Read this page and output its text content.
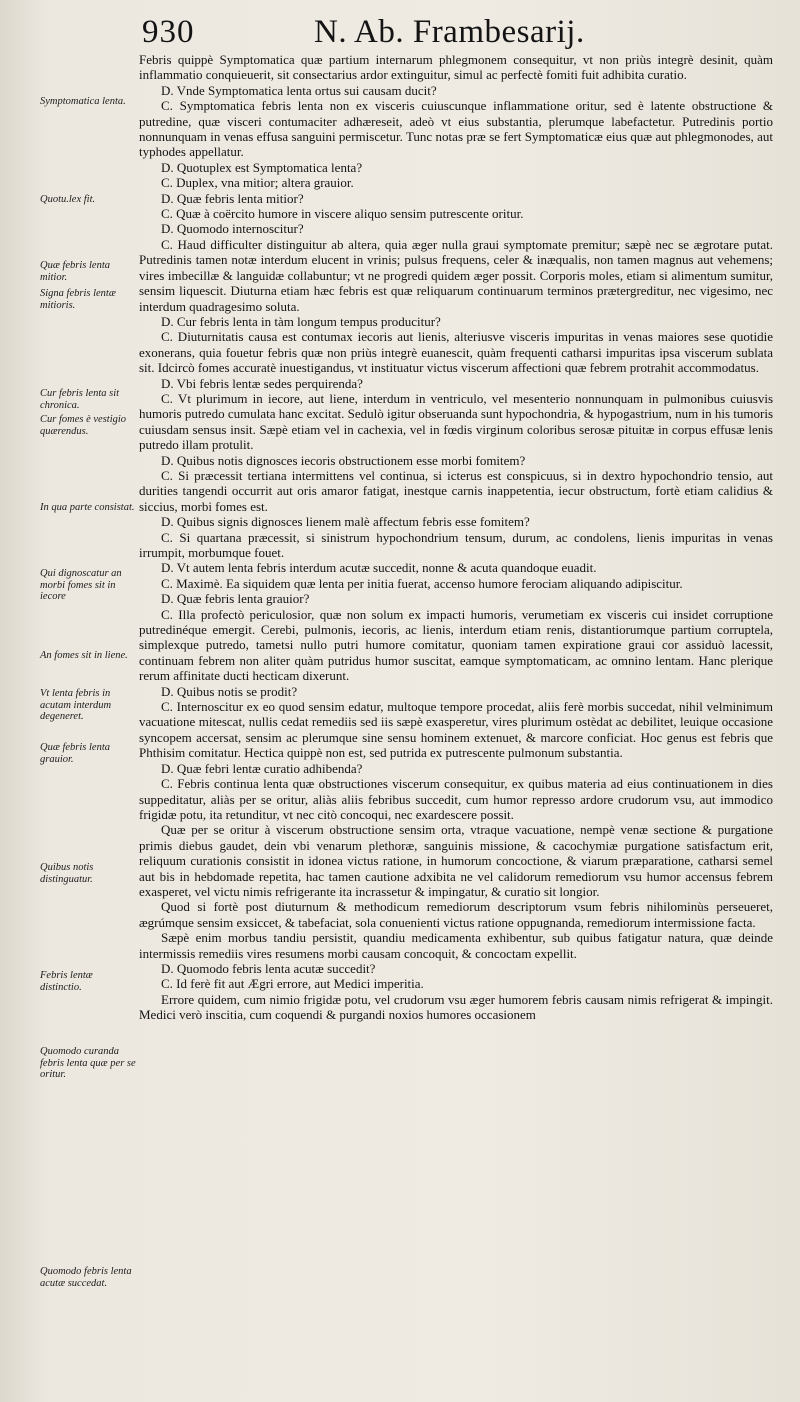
930	N. Ab. Frambesarij.
Symptomatica lenta.
Quotu.lex fit.
Quæ febris lenta mitior.
Signa febris lentæ mitioris.
Cur febris lenta sit chronica.
Cur fomes è vestigio quærendus.
In qua parte consistat.
Qui dignoscatur an morbi fomes sit in iecore
An fomes sit in liene.
Vt lenta febris in acutam interdum degeneret.
Quæ febris lenta grauior.
Quibus notis distinguatur.
Febris lentæ distinctio.
Quomodo curanda febris lenta quæ per se oritur.
Quomodo febris lenta acutæ succedat.

Febris quippè Symptomatica quæ partium internarum phlegmonem consequitur, vt non priùs integrè desinit, quàm inflammatio conquieuerit, sit consectarius ardor extinguitur, simul ac perfectè fomiti fuit adhibita curatio.

D. Vnde Symptomatica lenta ortus sui causam ducit?

C. Symptomatica febris lenta non ex visceris cuiuscunque inflammatione oritur, sed è latente obstructione & putredine, quæ visceri contumaciter adhæreseit, adeò vt eius substantia, plerumque labefactetur. Putredinis portio nonnunquam in venas effusa sanguini permiscetur. Tunc notas præ se fert Symptomaticæ eius quæ aut phlegmonodes, aut typhodes appellatur.

D. Quotuplex est Symptomatica lenta?

C. Duplex, vna mitior; altera grauior.

D. Quæ febris lenta mitior?

C. Quæ à coërcito humore in viscere aliquo sensim putrescente oritur.

D. Quomodo internoscitur?

C. Haud difficulter distinguitur ab altera, quia æger nulla graui symptomate premitur; sæpè nec se ægrotare putat. Putredinis tamen notæ interdum elucent in vrinis; pulsus frequens, celer & inæqualis, non tamen magnus aut vehemens; vires imbecillæ & languidæ collabuntur; vt ne progredi quidem æger possit. Corporis moles, etiam si alimentum sumitur, sensim liquescit. Diuturna etiam hæc febris est quæ reliquarum continuarum terminos prætergreditur, nec vigesimo, nec interdum quadragesimo soluta.

D. Cur febris lenta in tàm longum tempus producitur?

C. Diuturnitatis causa est contumax iecoris aut lienis, alteriusve visceris impuritas in venas maiores sese quotidie exonerans, quia fouetur febris quæ non priùs integrè euanescit, quàm frequenti catharsi impuritas ipsa viscerum sublata sit. Idcircò fomes accuratè inuestigandus, vt instituatur victus viscerum affectioni quæ febrem protrahit accommodatus.

D. Vbi febris lentæ sedes perquirenda?

C. Vt plurimum in iecore, aut liene, interdum in ventriculo, vel mesenterio nonnunquam in pulmonibus cuiusvis humoris putredo cumulata hanc excitat. Sedulò igitur obseruanda sunt hypochondria, & hypogastrium, num in his tumoris cuiusdam sensus insit. Sæpè etiam vel in cachexia, vel in fœdis virginum coloribus serosæ pituitæ in corpus effusæ lenis putredo illam protulit.

D. Quibus notis dignosces iecoris obstructionem esse morbi fomitem?

C. Si præcessit tertiana intermittens vel continua, si icterus est conspicuus, si in dextro hypochondrio tensio, aut durities tangendi occurrit aut oris amaror fatigat, inestque carnis inappetentia, iecur obstructum, fortè etiam calidius & siccius, morbi fomes est.

D. Quibus signis dignosces lienem malè affectum febris esse fomitem?

C. Si quartana præcessit, si sinistrum hypochondrium tensum, durum, ac condolens, lienis impuritas in venas irrumpit, morbumque fouet.

D. Vt autem lenta febris interdum acutæ succedit, nonne & acuta quandoque euadit.

C. Maximè. Ea siquidem quæ lenta per initia fuerat, accenso humore ferociam aliquando adipiscitur.

D. Quæ febris lenta grauior?

C. Illa profectò periculosior, quæ non solum ex impacti humoris, verumetiam ex visceris cui insidet corruptione putredinéque emergit. Cerebi, pulmonis, iecoris, ac lienis, interdum etiam renis, distantiorumque partium corruptela, simplexque putredo, tametsi nullo putri humore comitatur, quoniam tamen expiratione graui cor assiduò lacessit, continuam febrem non aliter quàm putridus humor suscitat, eamque symptomaticam, ac omnino lentam. Hanc plerique rerum affinitate ducti hecticam dixerunt.

D. Quibus notis se prodit?

C. Internoscitur ex eo quod sensim edatur, multoque tempore procedat, aliis ferè morbis succedat, nihil velminimum vacuatione mitescat, nullis cedat remediis sed iis sæpè exasperetur, vires plurimum ostèdat ac debilitet, leuique occasione syncopem accersat, sensim ac plerumque sine sensu hominem extenuet, & marcore conficiat. Hoc genus est febris que Phthisim comitatur. Hectica quippè non est, sed putrida ex putrescente pulmonum substantia.

D. Quæ febri lentæ curatio adhibenda?

C. Febris continua lenta quæ obstructiones viscerum consequitur, ex quibus materia ad eius continuationem in dies suppeditatur, aliàs per se oritur, aliàs aliis febribus succedit, cum humor represso ardore crudorum vsu, aut immodico frigidæ potu, ita retunditur, vt nec citò concoqui, nec exardescere possit.

Quæ per se oritur à viscerum obstructione sensim orta, vtraque vacuatione, nempè venæ sectione & purgatione primis diebus gaudet, dein vbi venarum plethoræ, sanguinis missione, & cacochymiæ purgatione satisfactum erit, reliquum curationis consistit in idonea victus ratione, in humorum concoctione, & viarum præparatione, catharsi semel aut bis in hebdomade repetita, hac tamen cautione adxibita ne vel calidorum remediorum vsu humor accensus febrem exasperet, vel victu nimis refrigerante ita incrassetur & impingatur, & curatio sit longior.

Quod si fortè post diuturnum & methodicum remediorum descriptorum vsum febris nihilominùs perseueret, ægrúmque sensim exsiccet, & tabefaciat, sola conuenienti victus ratione oppugnanda, remediorum intermissione facta.

Sæpè enim morbus tandiu persistit, quandiu medicamenta exhibentur, sub quibus fatigatur natura, quæ deinde intermissis remediis vires resumens morbi causam concoquit, & concoctam expellit.

D. Quomodo febris lenta acutæ succedit?

C. Id ferè fit aut Ægri errore, aut Medici imperitia.

Errore quidem, cum nimio frigidæ potu, vel crudorum vsu æger humorem febris causam nimis refrigerat & impingit. Medici verò inscitia, cum coquendi & purgandi noxios humores occasionem
